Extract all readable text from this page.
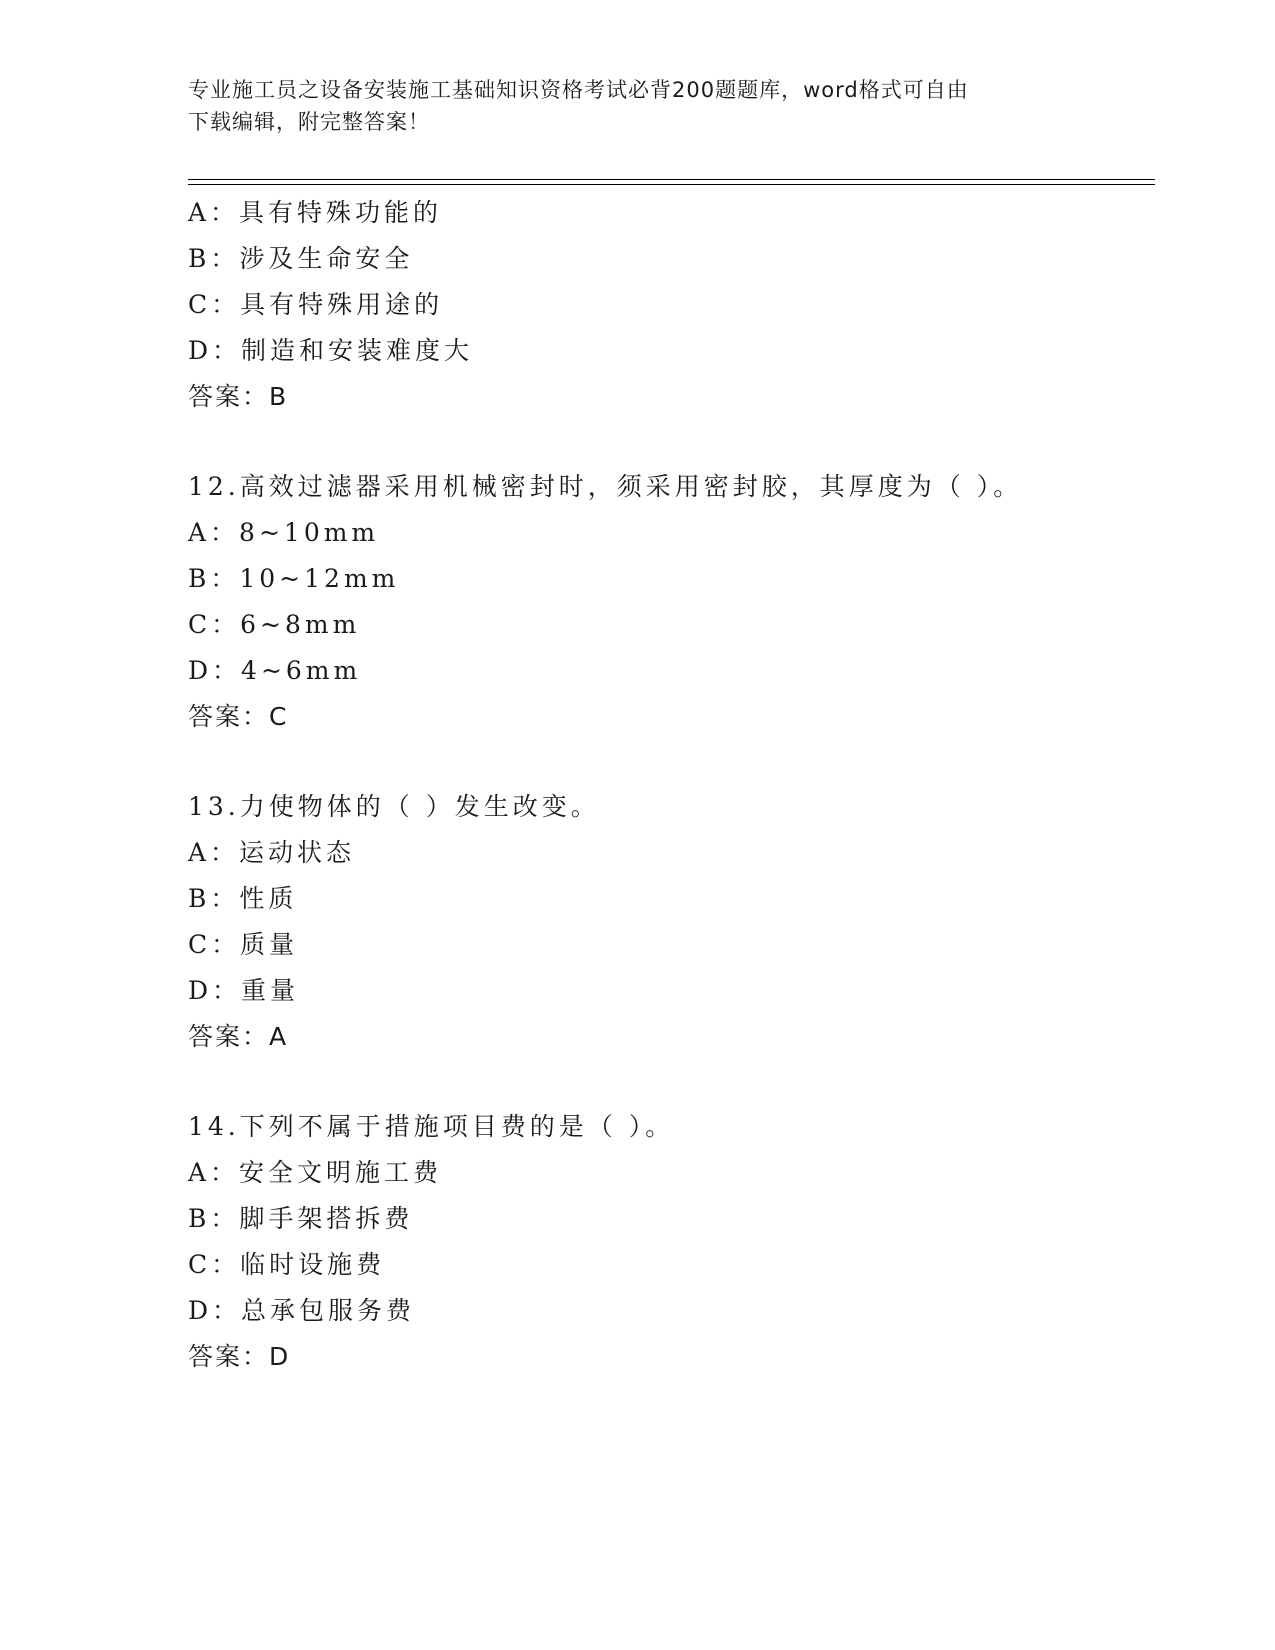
专业施工员之设备安装施工基础知识资格考试必背200题题库，word格式可自由
下载编辑，附完整答案！
A：具有特殊功能的
B：涉及生命安全
C：具有特殊用途的
D：制造和安装难度大
答案：B
12.高效过滤器采用机械密封时，须采用密封胶，其厚度为（ ）。
A：8~10mm
B：10~12mm
C：6~8mm
D：4~6mm
答案：C
13.力使物体的（ ）发生改变。
A：运动状态
B：性质
C：质量
D：重量
答案：A
14.下列不属于措施项目费的是（ ）。
A：安全文明施工费
B：脚手架搭拆费
C：临时设施费
D：总承包服务费
答案：D
